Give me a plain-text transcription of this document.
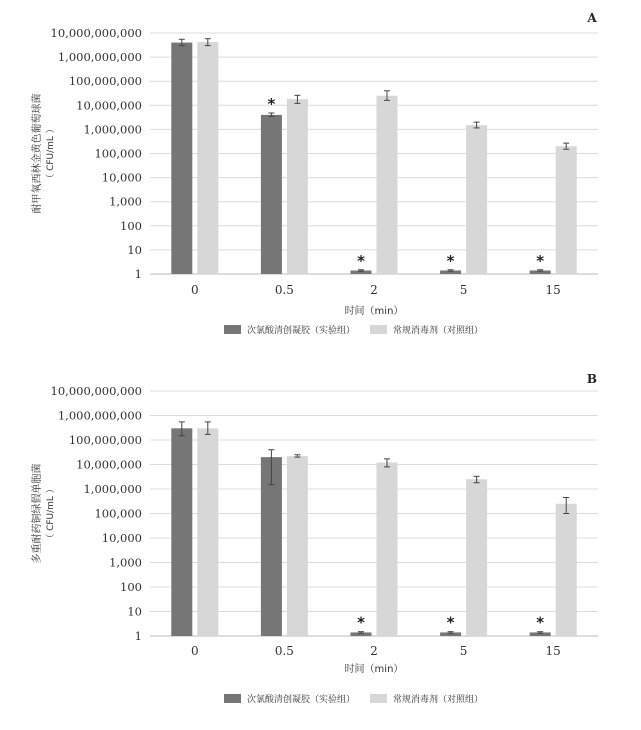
1
10
100
1,000
10,000
100,000
1,000,000
10,000,000
100,000,000
1,000,000,000
10,000,000,000
A
0
*
0.5
*
2
*
5
*
15
时间（min）
耐甲氧西林金黄色葡萄球菌 （ CFU/mL ）
次氯酸清创凝胶（实验组）	常规消毒剂（对照组）
1
10
100
1,000
10,000
100,000
1,000,000
10,000,000
100,000,000
1,000,000,000
10,000,000,000
B
0	0.5
*
2
*
5
*
15
时间（min）
多重耐药铜绿假单胞菌 （ CFU/mL ）
次氯酸清创凝胶（实验组）	常规消毒剂（对照组）
